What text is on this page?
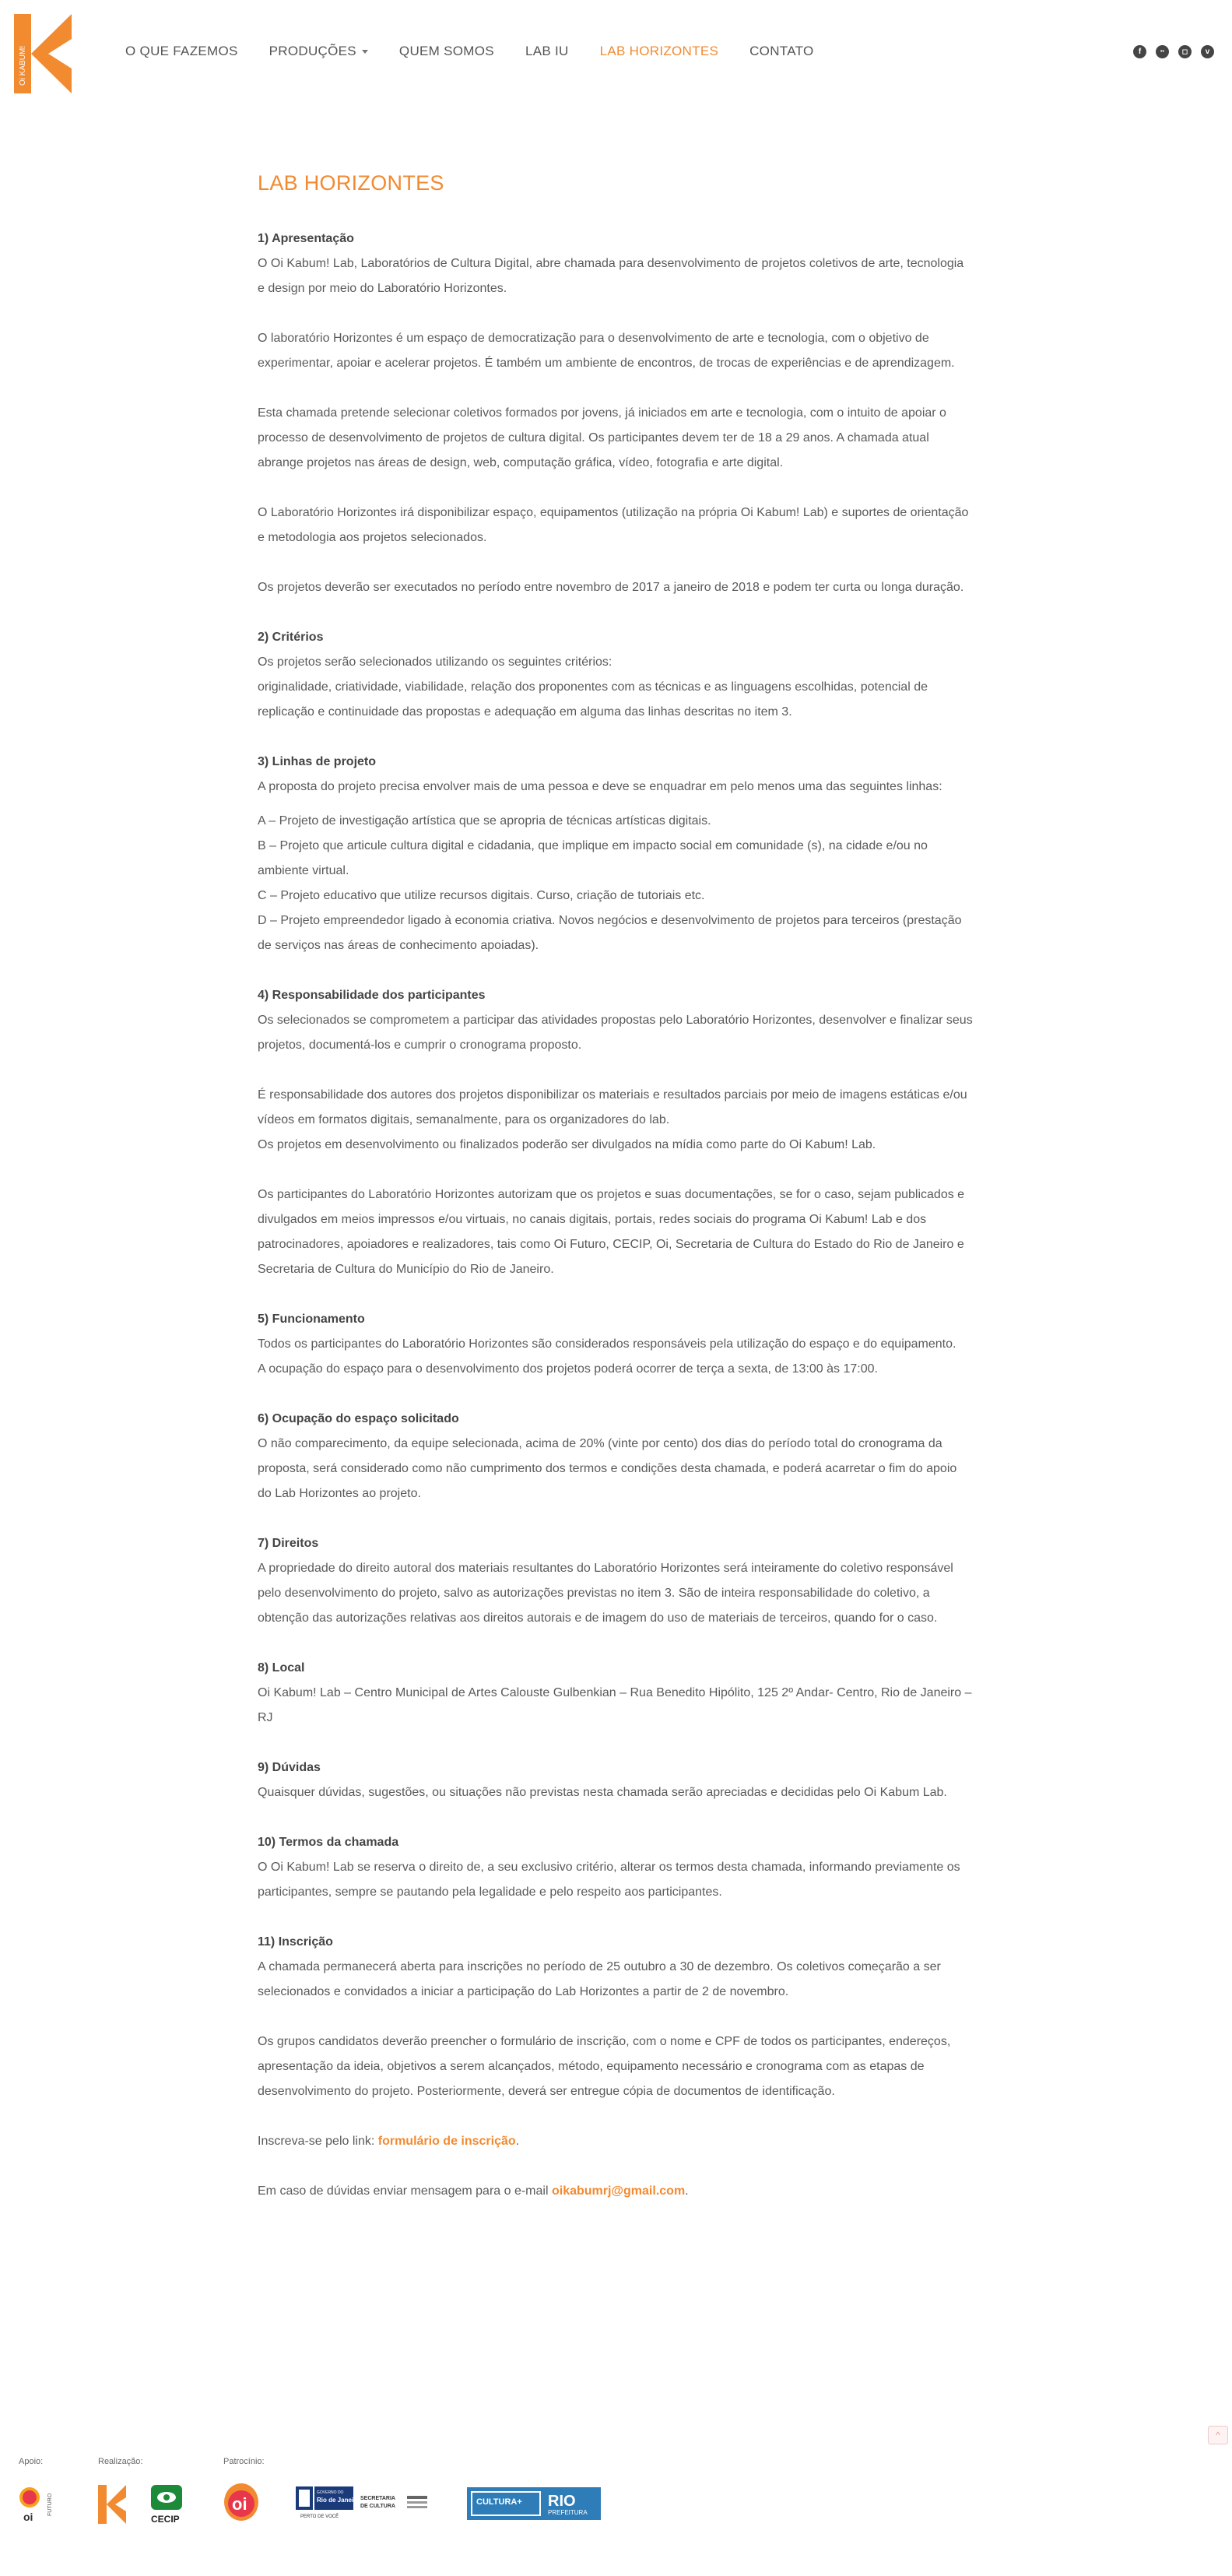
Oi KABUM!	O QUE FAZEMOS PRODUÇÕES	QUEM SOMOS LAB IU LAB HORIZONTES CONTATO	f	••	◻	v
LAB HORIZONTES
1) Apresentação
O Oi Kabum! Lab, Laboratórios de Cultura Digital, abre chamada para desenvolvimento de projetos coletivos de arte, tecnologia e design por meio do Laboratório Horizontes.
O laboratório Horizontes é um espaço de democratização para o desenvolvimento de arte e tecnologia, com o objetivo de experimentar, apoiar e acelerar projetos. É também um ambiente de encontros, de trocas de experiências e de aprendizagem.
Esta chamada pretende selecionar coletivos formados por jovens, já iniciados em arte e tecnologia, com o intuito de apoiar o processo de desenvolvimento de projetos de cultura digital. Os participantes devem ter de 18 a 29 anos. A chamada atual abrange projetos nas áreas de design, web, computação gráfica, vídeo, fotografia e arte digital.
O Laboratório Horizontes irá disponibilizar espaço, equipamentos (utilização na própria Oi Kabum! Lab) e suportes de orientação e metodologia aos projetos selecionados.
Os projetos deverão ser executados no período entre novembro de 2017 a janeiro de 2018 e podem ter curta ou longa duração.
2) Critérios
Os projetos serão selecionados utilizando os seguintes critérios:
originalidade, criatividade, viabilidade, relação dos proponentes com as técnicas e as linguagens escolhidas, potencial de replicação e continuidade das propostas e adequação em alguma das linhas descritas no item 3.
3) Linhas de projeto
A proposta do projeto precisa envolver mais de uma pessoa e deve se enquadrar em pelo menos uma das seguintes linhas:
A – Projeto de investigação artística que se apropria de técnicas artísticas digitais.
B – Projeto que articule cultura digital e cidadania, que implique em impacto social em comunidade (s), na cidade e/ou no ambiente virtual.
C – Projeto educativo que utilize recursos digitais. Curso, criação de tutoriais etc.
D – Projeto empreendedor ligado à economia criativa. Novos negócios e desenvolvimento de projetos para terceiros (prestação de serviços nas áreas de conhecimento apoiadas).
4) Responsabilidade dos participantes
Os selecionados se comprometem a participar das atividades propostas pelo Laboratório Horizontes, desenvolver e finalizar seus projetos, documentá-los e cumprir o cronograma proposto.
É responsabilidade dos autores dos projetos disponibilizar os materiais e resultados parciais por meio de imagens estáticas e/ou vídeos em formatos digitais, semanalmente, para os organizadores do lab.
Os projetos em desenvolvimento ou finalizados poderão ser divulgados na mídia como parte do Oi Kabum! Lab.
Os participantes do Laboratório Horizontes autorizam que os projetos e suas documentações, se for o caso, sejam publicados e divulgados em meios impressos e/ou virtuais, no canais digitais, portais, redes sociais do programa Oi Kabum! Lab e dos patrocinadores, apoiadores e realizadores, tais como Oi Futuro, CECIP, Oi, Secretaria de Cultura do Estado do Rio de Janeiro e Secretaria de Cultura do Município do Rio de Janeiro.
5) Funcionamento
Todos os participantes do Laboratório Horizontes são considerados responsáveis pela utilização do espaço e do equipamento.
A ocupação do espaço para o desenvolvimento dos projetos poderá ocorrer de terça a sexta, de 13:00 às 17:00.
6) Ocupação do espaço solicitado
O não comparecimento, da equipe selecionada, acima de 20% (vinte por cento) dos dias do período total do cronograma da proposta, será considerado como não cumprimento dos termos e condições desta chamada, e poderá acarretar o fim do apoio do Lab Horizontes ao projeto.
7) Direitos
A propriedade do direito autoral dos materiais resultantes do Laboratório Horizontes será inteiramente do coletivo responsável pelo desenvolvimento do projeto, salvo as autorizações previstas no item 3. São de inteira responsabilidade do coletivo, a obtenção das autorizações relativas aos direitos autorais e de imagem do uso de materiais de terceiros, quando for o caso.
8) Local
Oi Kabum! Lab – Centro Municipal de Artes Calouste Gulbenkian – Rua Benedito Hipólito, 125 2º Andar- Centro, Rio de Janeiro – RJ
9) Dúvidas
Quaisquer dúvidas, sugestões, ou situações não previstas nesta chamada serão apreciadas e decididas pelo Oi Kabum Lab.
10) Termos da chamada
O Oi Kabum! Lab se reserva o direito de, a seu exclusivo critério, alterar os termos desta chamada, informando previamente os participantes, sempre se pautando pela legalidade e pelo respeito aos participantes.
11) Inscrição
A chamada permanecerá aberta para inscrições no período de 25 outubro a 30 de dezembro. Os coletivos começarão a ser selecionados e convidados a iniciar a participação do Lab Horizontes a partir de 2 de novembro.
Os grupos candidatos deverão preencher o formulário de inscrição, com o nome e CPF de todos os participantes, endereços, apresentação da ideia, objetivos a serem alcançados, método, equipamento necessário e cronograma com as etapas de desenvolvimento do projeto. Posteriormente, deverá ser entregue cópia de documentos de identificação.
Inscreva-se pelo link: formulário de inscrição.
Em caso de dúvidas enviar mensagem para o e-mail oikabumrj@gmail.com.
^
Apoio:	Realização:	Patrocínio:
oi
FUTURO
CECIP
oi
GOVERNO DO
Rio de Janeiro
PERTO DE VOCÊ
SECRETARIA
DE CULTURA	CULTURA+ RIO
PREFEITURA
